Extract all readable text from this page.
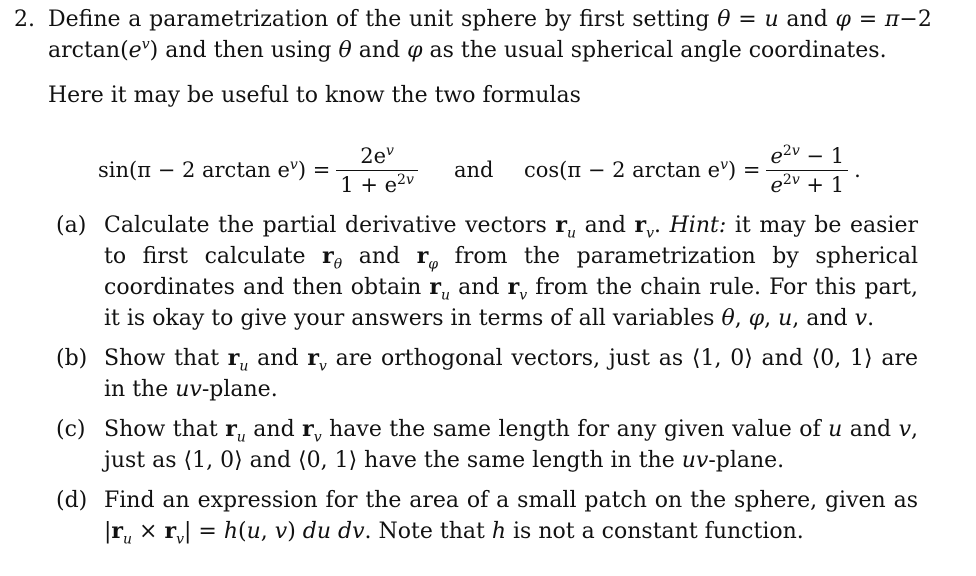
2. Define a parametrization of the unit sphere by first setting θ = u and φ = π−2 $\arctan(e^v)$ and then using θ and φ as the usual spherical angle coordinates.

Here it may be useful to know the two formulas

sin(π − 2 $\arctan e^v) = \frac{2e^v}{1 + e^{2v}}$ and cos(π − 2 $\arctan e^v) = \frac{e^{2v} - 1}{e^{2v} + 1}$ .
(a) Calculate the partial derivative vectors $r_u$ and $r_v$. Hint: it may be easier to first calculate $r_\theta$ and $r_\varphi$ from the parametrization by spherical coordinates and then obtain $r_u$ and $r_v$ from the chain rule. For this part, it is okay to give your answers in terms of all variables θ, φ, u, and v.
(b) Show that $r_u$ and $r_v$ are orthogonal vectors, just as ⟨1, 0⟩ and ⟨0, 1⟩ are in the uv-plane.
(c) Show that $r_u$ and $r_v$ have the same length for any given value of u and v, just as ⟨1, 0⟩ and ⟨0, 1⟩ have the same length in the uv-plane.
(d) Find an expression for the area of a small patch on the sphere, given as $|r_u \times r_v| = h(u$, v) du dv. Note that h is not a constant function.
